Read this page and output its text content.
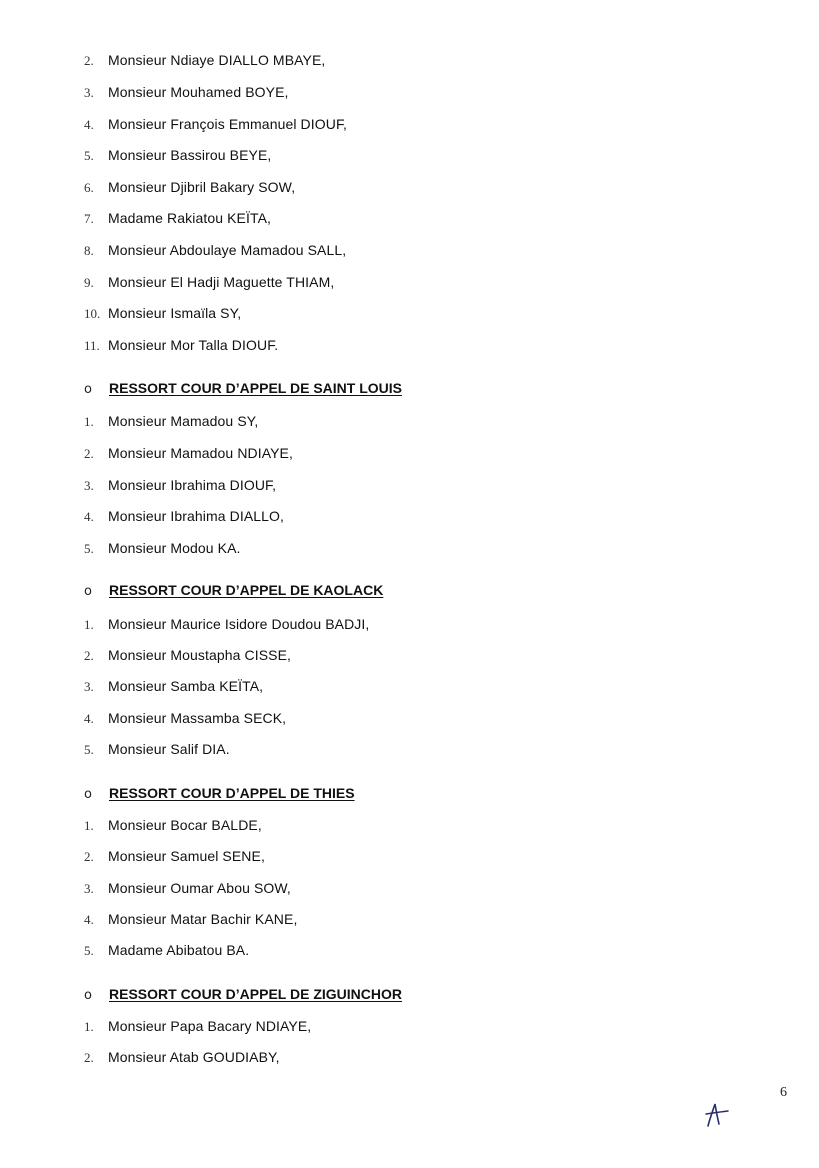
2.	Monsieur Ndiaye DIALLO MBAYE,
3.	Monsieur Mouhamed BOYE,
4.	Monsieur François Emmanuel DIOUF,
5.	Monsieur Bassirou BEYE,
6.	Monsieur Djibril Bakary SOW,
7.	Madame Rakiatou KEÏTA,
8.	Monsieur Abdoulaye Mamadou SALL,
9.	Monsieur El Hadji Maguette THIAM,
10. Monsieur Ismaïla SY,
11. Monsieur Mor Talla DIOUF.
o	RESSORT COUR D’APPEL DE SAINT LOUIS
1.	Monsieur Mamadou SY,
2.	Monsieur Mamadou NDIAYE,
3.	Monsieur Ibrahima DIOUF,
4.	Monsieur Ibrahima DIALLO,
5.	Monsieur Modou KA.
o	RESSORT COUR D’APPEL DE KAOLACK
1.	Monsieur Maurice Isidore Doudou BADJI,
2.	Monsieur Moustapha CISSE,
3.	Monsieur Samba KEÏTA,
4.	Monsieur Massamba SECK,
5.	Monsieur Salif DIA.
o	RESSORT COUR D’APPEL DE THIES
1.	Monsieur Bocar BALDE,
2.	Monsieur Samuel SENE,
3.	Monsieur Oumar Abou SOW,
4.	Monsieur Matar Bachir KANE,
5.	Madame Abibatou BA.
o	RESSORT COUR D’APPEL DE ZIGUINCHOR
1.	Monsieur Papa Bacary NDIAYE,
2.	Monsieur Atab GOUDIABY,
6
